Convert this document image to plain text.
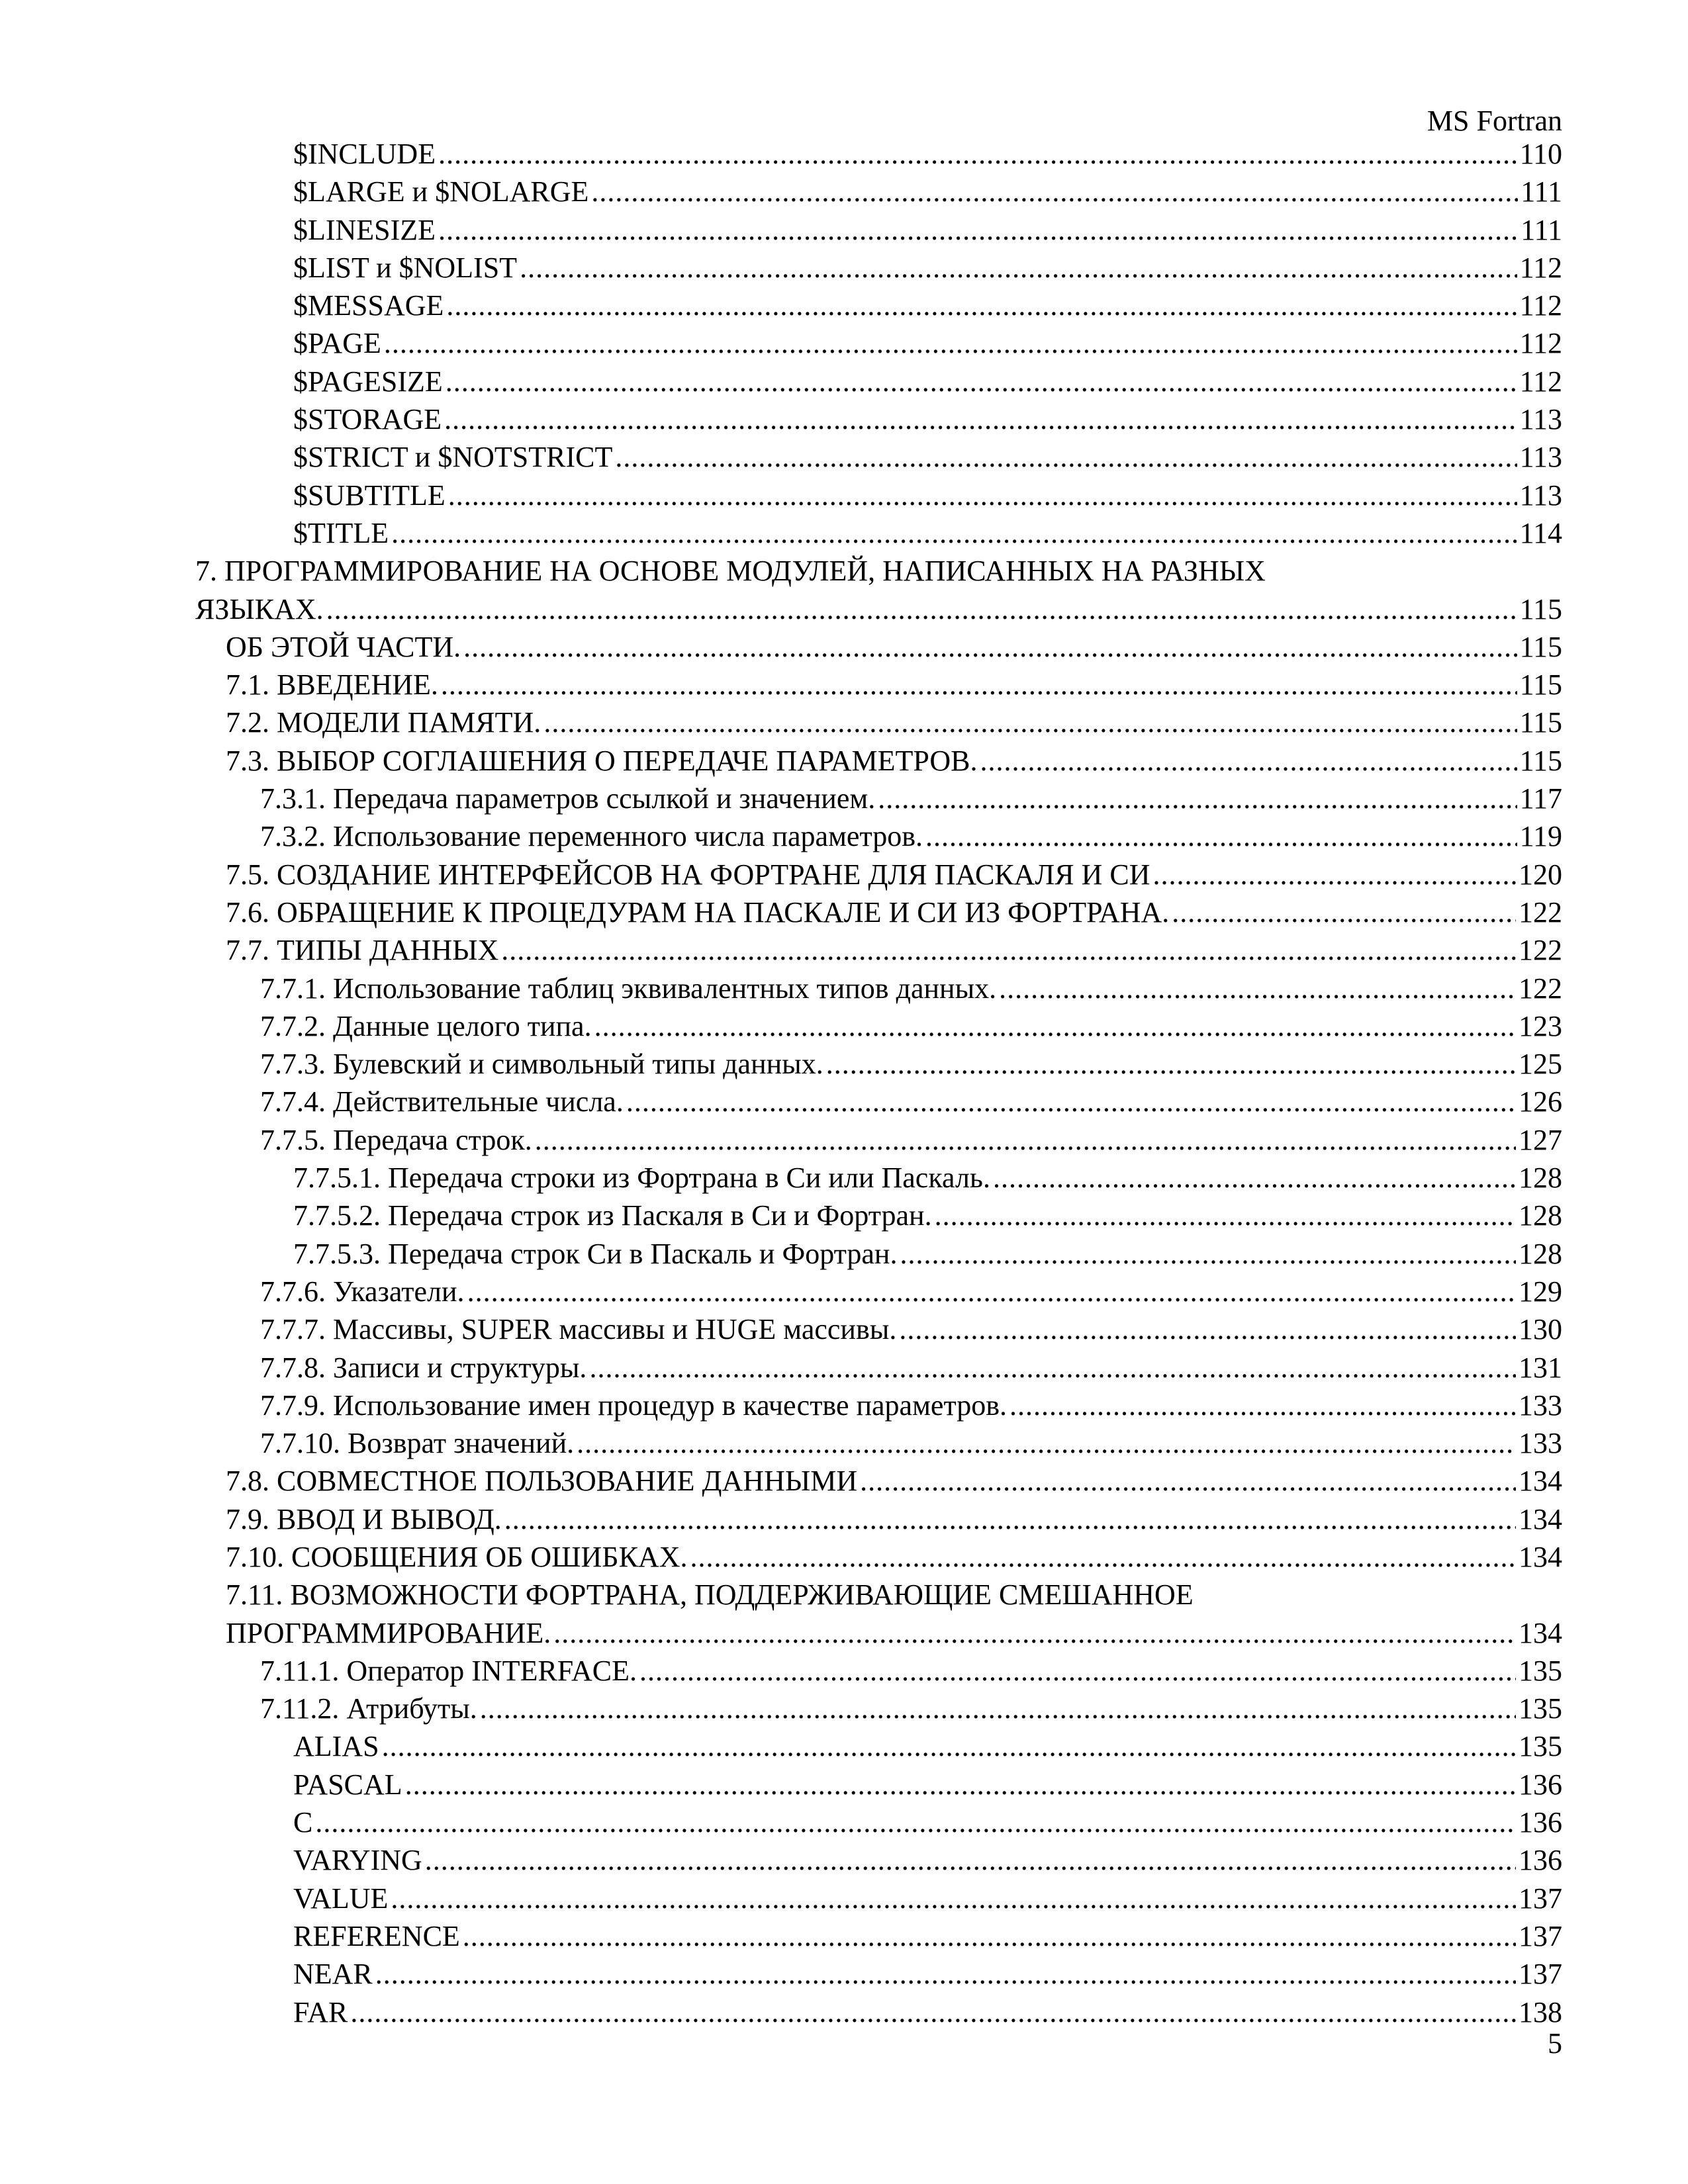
MS Fortran
$INCLUDE .....	110
$LARGE и $NOLARGE .....	111
$LINESIZE .....	111
$LIST и $NOLIST .....	112
$MESSAGE .....	112
$PAGE .....	112
$PAGESIZE .....	112
$STORAGE .....	113
$STRICT и $NOTSTRICT .....	113
$SUBTITLE .....	113
$TITLE .....	114
7. ПРОГРАММИРОВАНИЕ НА ОСНОВЕ МОДУЛЕЙ, НАПИСАННЫХ НА РАЗНЫХ
ЯЗЫКАХ. .....	115
ОБ ЭТОЙ ЧАСТИ. .....	115
7.1. ВВЕДЕНИЕ. .....	115
7.2. МОДЕЛИ ПАМЯТИ. .....	115
7.3. ВЫБОР СОГЛАШЕНИЯ О ПЕРЕДАЧЕ ПАРАМЕТРОВ. .....	115
7.3.1. Передача параметров ссылкой и значением. .....	117
7.3.2. Использование переменного числа параметров. .....	119
7.5. СОЗДАНИЕ ИНТЕРФЕЙСОВ НА ФОРТРАНЕ ДЛЯ ПАСКАЛЯ И СИ .....	120
7.6. ОБРАЩЕНИЕ К ПРОЦЕДУРАМ НА ПАСКАЛЕ И СИ ИЗ ФОРТРАНА. .....	122
7.7. ТИПЫ ДАННЫХ .....	122
7.7.1. Использование таблиц эквивалентных типов данных. .....	122
7.7.2. Данные целого типа. .....	123
7.7.3. Булевский и символьный типы данных. .....	125
7.7.4. Действительные числа. .....	126
7.7.5. Передача строк. .....	127
7.7.5.1. Передача строки из Фортрана в Си или Паскаль. .....	128
7.7.5.2. Передача строк из Паскаля в Си и Фортран. .....	128
7.7.5.3. Передача строк Си в Паскаль и Фортран. .....	128
7.7.6. Указатели. .....	129
7.7.7. Массивы, SUPER массивы и HUGE массивы. .....	130
7.7.8. Записи и структуры. .....	131
7.7.9. Использование имен процедур в качестве параметров. .....	133
7.7.10. Возврат значений. .....	133
7.8. СОВМЕСТНОЕ ПОЛЬЗОВАНИЕ ДАННЫМИ .....	134
7.9. ВВОД И ВЫВОД. .....	134
7.10. СООБЩЕНИЯ ОБ ОШИБКАХ. .....	134
7.11. ВОЗМОЖНОСТИ ФОРТРАНА, ПОДДЕРЖИВАЮЩИЕ СМЕШАННОЕ
ПРОГРАММИРОВАНИЕ. .....	134
7.11.1. Оператор INTERFACE. .....	135
7.11.2. Атрибуты. .....	135
ALIAS .....	135
PASCAL .....	136
C .....	136
VARYING .....	136
VALUE .....	137
REFERENCE .....	137
NEAR .....	137
FAR .....	138
5
